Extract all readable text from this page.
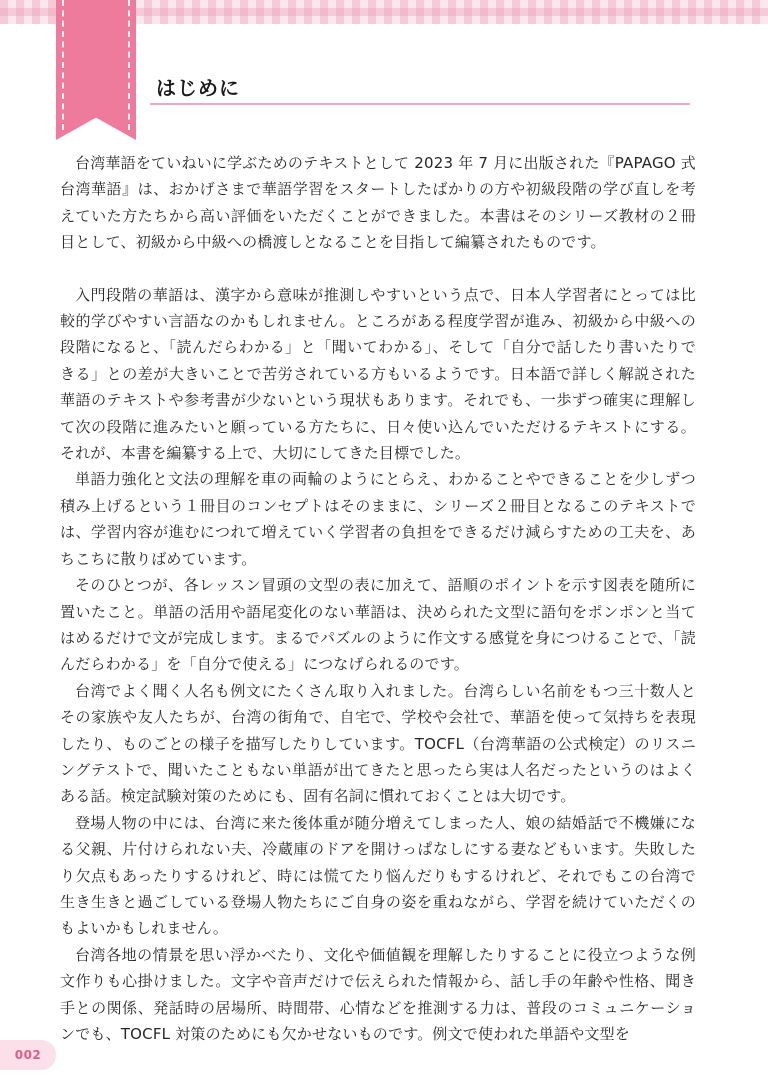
はじめに

台湾華語をていねいに学ぶためのテキストとして 2023 年 7 月に出版された『PAPAGO 式台湾華語』は、おかげさまで華語学習をスタートしたばかりの方や初級段階の学び直しを考えていた方たちから高い評価をいただくことができました。本書はそのシリーズ教材の２冊目として、初級から中級への橋渡しとなることを目指して編纂されたものです。

入門段階の華語は、漢字から意味が推測しやすいという点で、日本人学習者にとっては比較的学びやすい言語なのかもしれません。ところがある程度学習が進み、初級から中級への段階になると、「読んだらわかる」と「聞いてわかる」、そして「自分で話したり書いたりできる」との差が大きいことで苦労されている方もいるようです。日本語で詳しく解説された華語のテキストや参考書が少ないという現状もあります。それでも、一歩ずつ確実に理解して次の段階に進みたいと願っている方たちに、日々使い込んでいただけるテキストにする。それが、本書を編纂する上で、大切にしてきた目標でした。

単語力強化と文法の理解を車の両輪のようにとらえ、わかることやできることを少しずつ積み上げるという１冊目のコンセプトはそのままに、シリーズ２冊目となるこのテキストでは、学習内容が進むにつれて増えていく学習者の負担をできるだけ減らすための工夫を、あちこちに散りばめています。

そのひとつが、各レッスン冒頭の文型の表に加えて、語順のポイントを示す図表を随所に置いたこと。単語の活用や語尾変化のない華語は、決められた文型に語句をポンポンと当てはめるだけで文が完成します。まるでパズルのように作文する感覚を身につけることで、「読んだらわかる」を「自分で使える」につなげられるのです。

台湾でよく聞く人名も例文にたくさん取り入れました。台湾らしい名前をもつ三十数人とその家族や友人たちが、台湾の街角で、自宅で、学校や会社で、華語を使って気持ちを表現したり、ものごとの様子を描写したりしています。TOCFL（台湾華語の公式検定）のリスニングテストで、聞いたこともない単語が出てきたと思ったら実は人名だったというのはよくある話。検定試験対策のためにも、固有名詞に慣れておくことは大切です。

登場人物の中には、台湾に来た後体重が随分増えてしまった人、娘の結婚話で不機嫌になる父親、片付けられない夫、冷蔵庫のドアを開けっぱなしにする妻などもいます。失敗したり欠点もあったりするけれど、時には慌てたり悩んだりもするけれど、それでもこの台湾で生き生きと過ごしている登場人物たちにご自身の姿を重ねながら、学習を続けていただくのもよいかもしれません。

台湾各地の情景を思い浮かべたり、文化や価値観を理解したりすることに役立つような例文作りも心掛けました。文字や音声だけで伝えられた情報から、話し手の年齢や性格、聞き手との関係、発話時の居場所、時間帯、心情などを推測する力は、普段のコミュニケーションでも、TOCFL 対策のためにも欠かせないものです。例文で使われた単語や文型を

002
